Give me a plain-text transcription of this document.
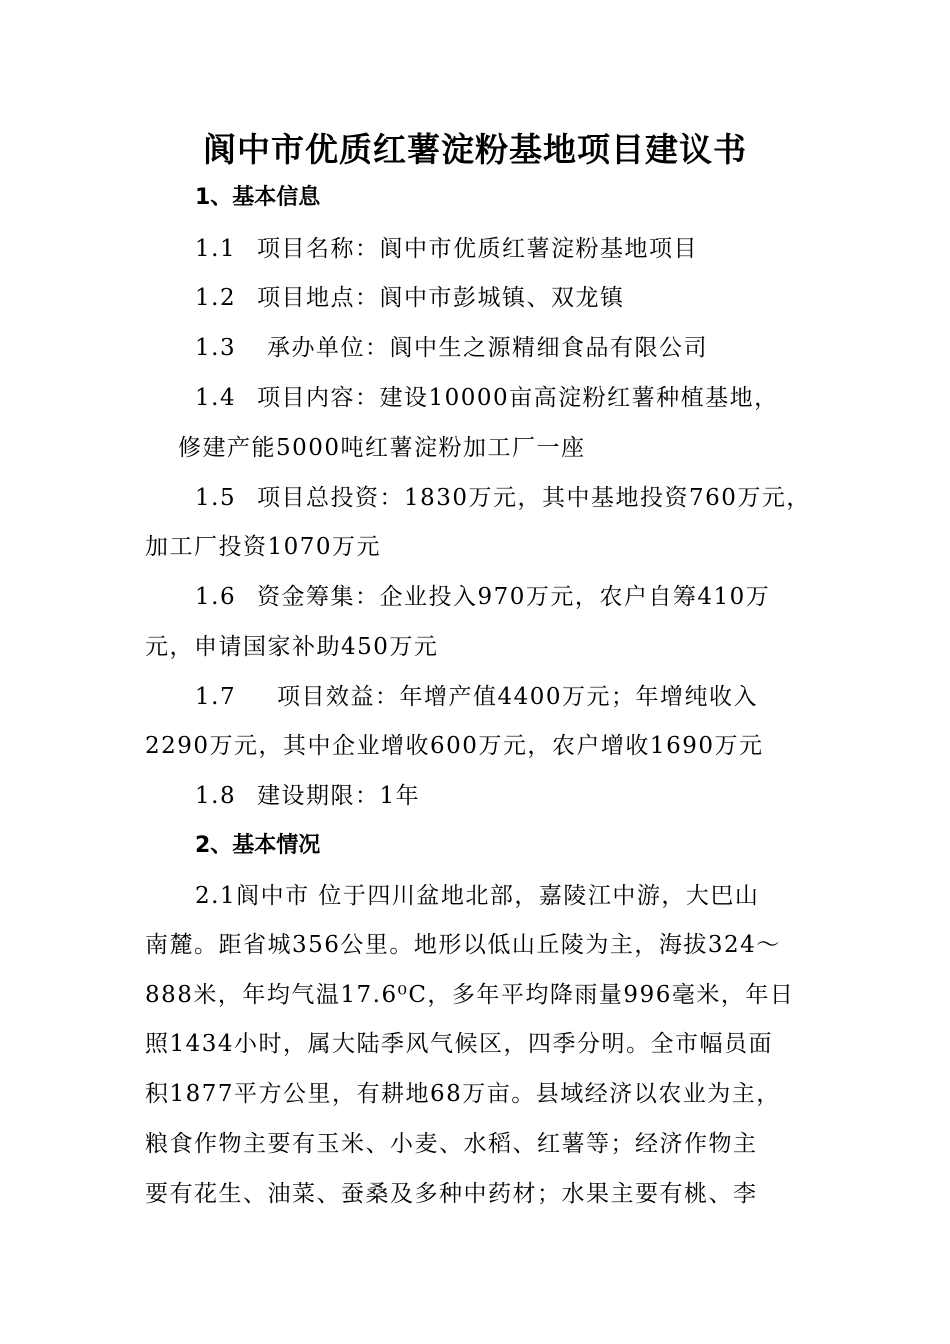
阆中市优质红薯淀粉基地项目建议书
1、基本信息
1.1 项目名称：阆中市优质红薯淀粉基地项目
1.2 项目地点：阆中市彭城镇、双龙镇
1.3 承办单位：阆中生之源精细食品有限公司
1.4 项目内容：建设10000亩高淀粉红薯种植基地，
修建产能5000吨红薯淀粉加工厂一座
1.5 项目总投资：1830万元，其中基地投资760万元，
加工厂投资1070万元
1.6 资金筹集：企业投入970万元，农户自筹410万
元，申请国家补助450万元
1.7 项目效益：年增产值4400万元；年增纯收入
2290万元，其中企业增收600万元，农户增收1690万元
1.8 建设期限：1年
2、基本情况
2.1阆中市 位于四川盆地北部，嘉陵江中游，大巴山
南麓。距省城356公里。地形以低山丘陵为主，海拔324～
888米，年均气温17.6⁰C，多年平均降雨量996毫米，年日
照1434小时，属大陆季风气候区，四季分明。全市幅员面
积1877平方公里，有耕地68万亩。县域经济以农业为主，
粮食作物主要有玉米、小麦、水稻、红薯等；经济作物主
要有花生、油菜、蚕桑及多种中药材；水果主要有桃、李
